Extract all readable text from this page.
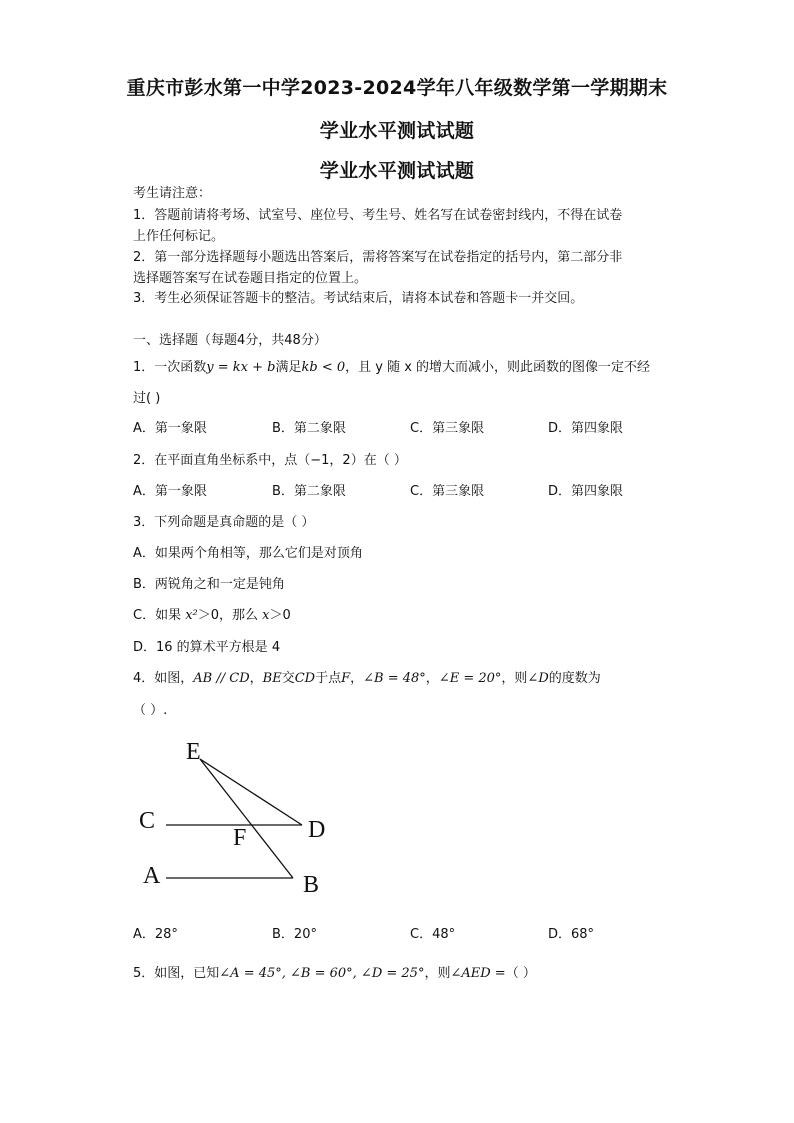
重庆市彭水第一中学2023-2024学年八年级数学第一学期期末
学业水平测试试题
学业水平测试试题
考生请注意：
1．答题前请将考场、试室号、座位号、考生号、姓名写在试卷密封线内，不得在试卷
上作任何标记。
2．第一部分选择题每小题选出答案后，需将答案写在试卷指定的括号内，第二部分非
选择题答案写在试卷题目指定的位置上。
3．考生必须保证答题卡的整洁。考试结束后，请将本试卷和答题卡一并交回。
一、选择题（每题4分，共48分）
1．一次函数y = kx + b满足kb < 0，且 y 随 x 的增大而减小，则此函数的图像一定不经
过( )
A．第一象限	B．第二象限	C．第三象限	D．第四象限
2．在平面直角坐标系中，点（−1，2）在（ ）
A．第一象限	B．第二象限	C．第三象限	D．第四象限
3．下列命题是真命题的是（ ）
A．如果两个角相等，那么它们是对顶角
B．两锐角之和一定是钝角
C．如果 x²＞0，那么 x＞0
D．16 的算术平方根是 4
4．如图，AB // CD，BE交CD于点F，∠B = 48°，∠E = 20°，则∠D的度数为
（ ）.
E
C
F	D
A	B
A．28°	B．20°	C．48°	D．68°
5．如图，已知∠A = 45°, ∠B = 60°, ∠D = 25°，则∠AED =（ ）
